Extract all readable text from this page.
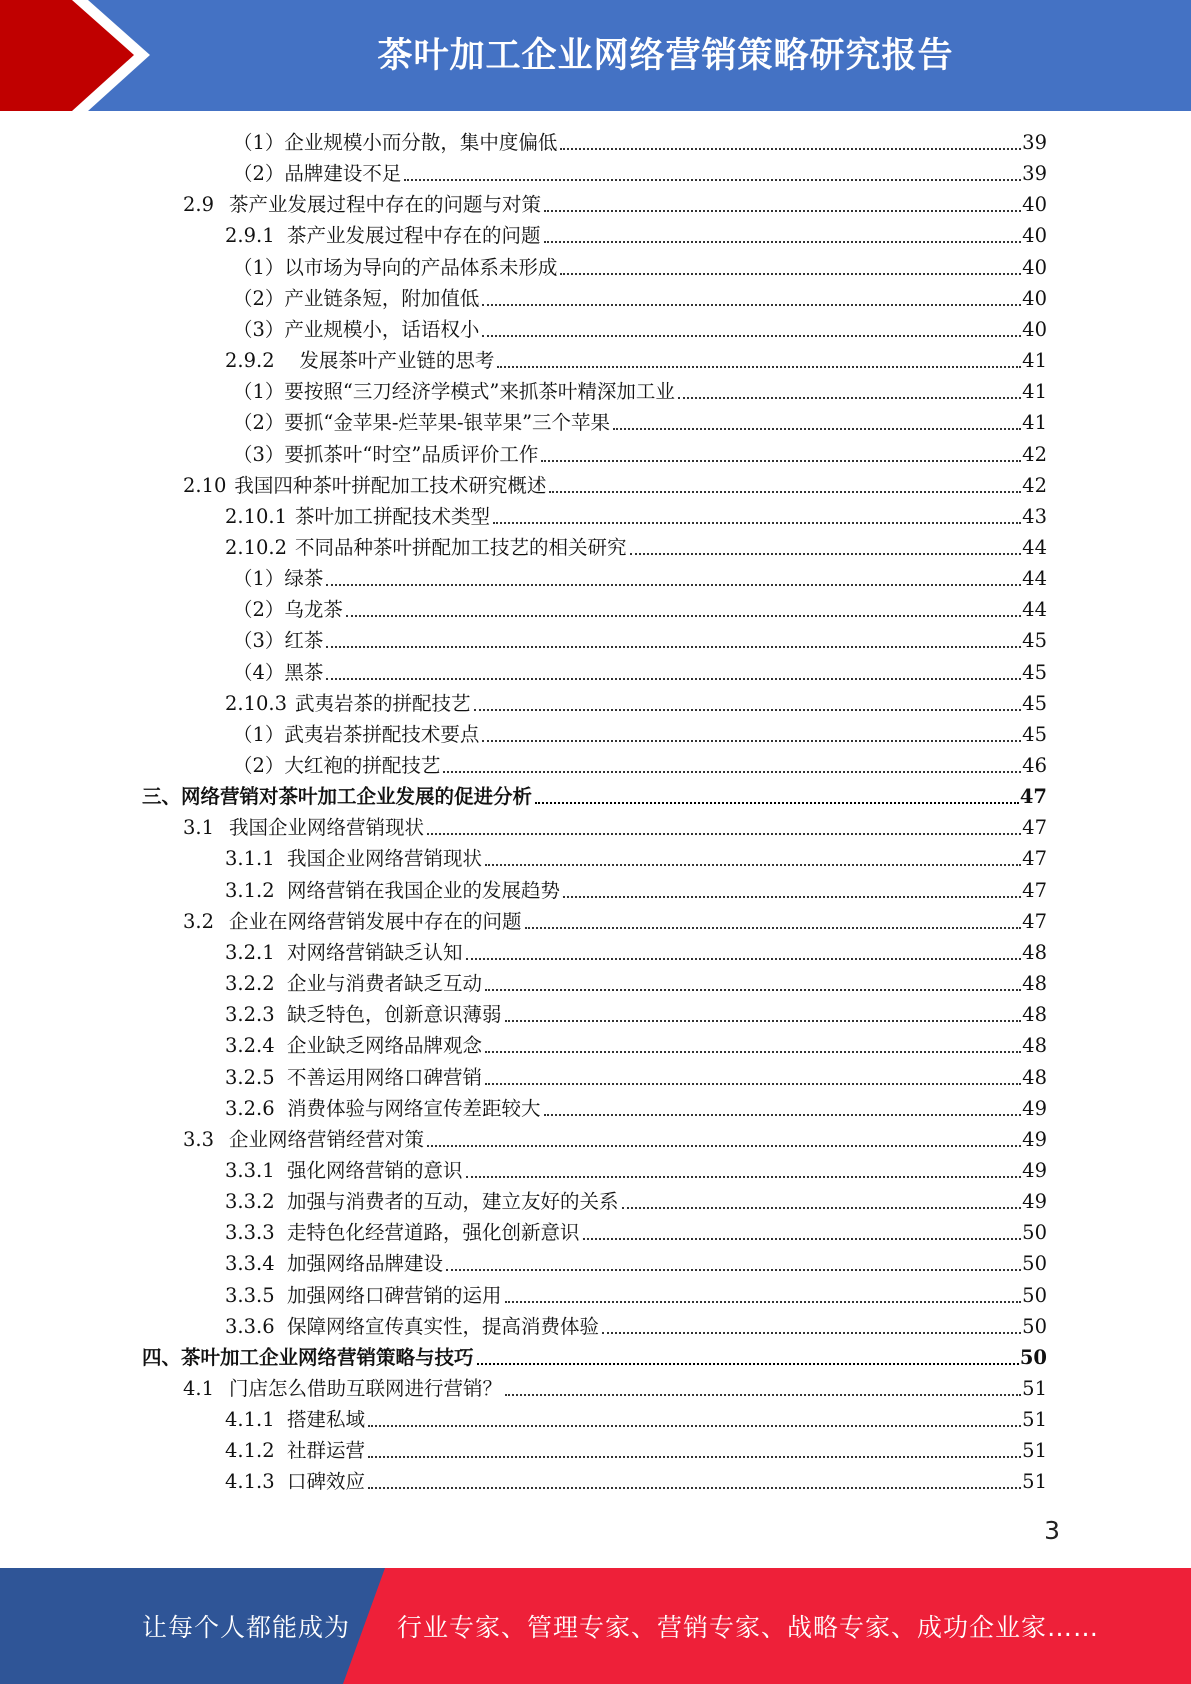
茶叶加工企业网络营销策略研究报告
（1） 企业规模小而分散，集中度偏低	39
（2） 品牌建设不足	39
2.9 茶产业发展过程中存在的问题与对策	40
2.9.1 茶产业发展过程中存在的问题	40
（1） 以市场为导向的产品体系未形成	40
（2） 产业链条短，附加值低	40
（3） 产业规模小，话语权小	40
2.9.2 发展茶叶产业链的思考	41
（1） 要按照“三刀经济学模式”来抓茶叶精深加工业	41
（2） 要抓“金苹果-烂苹果-银苹果”三个苹果	41
（3） 要抓茶叶“时空”品质评价工作	42
2.10 我国四种茶叶拼配加工技术研究概述	42
2.10.1 茶叶加工拼配技术类型	43
2.10.2 不同品种茶叶拼配加工技艺的相关研究	44
（1） 绿茶	44
（2） 乌龙茶	44
（3） 红茶	45
（4） 黑茶	45
2.10.3 武夷岩茶的拼配技艺	45
（1） 武夷岩茶拼配技术要点	45
（2） 大红袍的拼配技艺	46
三、网络营销对茶叶加工企业发展的促进分析	47
3.1 我国企业网络营销现状	47
3.1.1 我国企业网络营销现状	47
3.1.2 网络营销在我国企业的发展趋势	47
3.2 企业在网络营销发展中存在的问题	47
3.2.1 对网络营销缺乏认知	48
3.2.2 企业与消费者缺乏互动	48
3.2.3 缺乏特色，创新意识薄弱	48
3.2.4 企业缺乏网络品牌观念	48
3.2.5 不善运用网络口碑营销	48
3.2.6 消费体验与网络宣传差距较大	49
3.3 企业网络营销经营对策	49
3.3.1 强化网络营销的意识	49
3.3.2 加强与消费者的互动，建立友好的关系	49
3.3.3 走特色化经营道路，强化创新意识	50
3.3.4 加强网络品牌建设	50
3.3.5 加强网络口碑营销的运用	50
3.3.6 保障网络宣传真实性，提高消费体验	50
四、茶叶加工企业网络营销策略与技巧	50
4.1 门店怎么借助互联网进行营销？	51
4.1.1 搭建私域	51
4.1.2 社群运营	51
4.1.3 口碑效应	51
3
让每个人都能成为 行业专家、管理专家、营销专家、战略专家、成功企业家……
